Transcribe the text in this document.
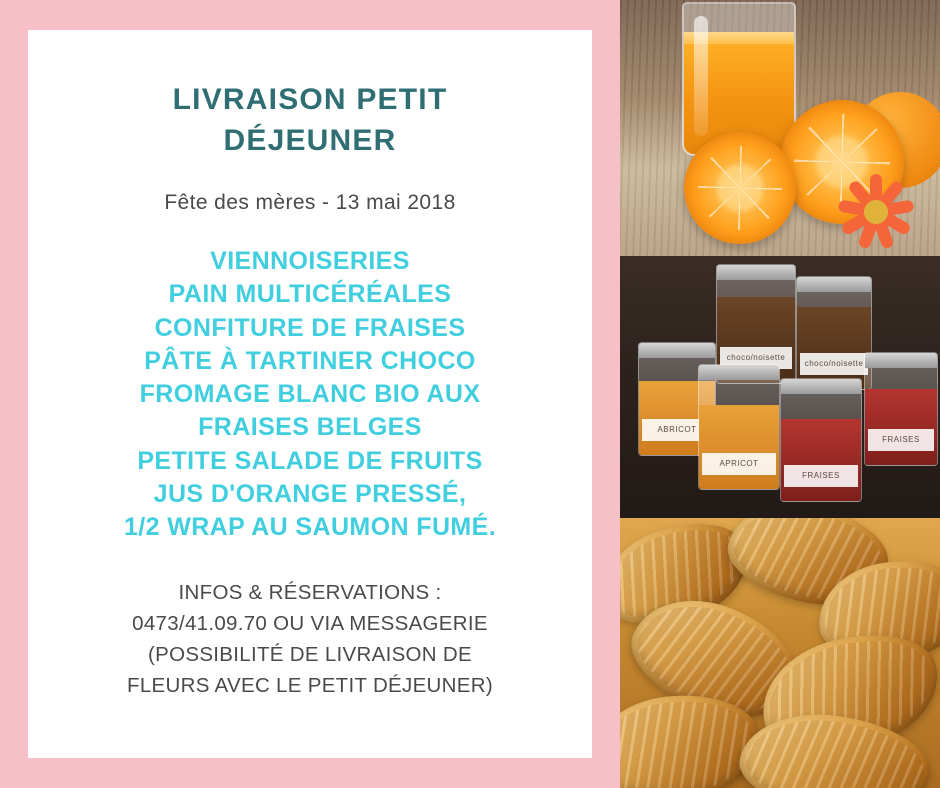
LIVRAISON PETIT DÉJEUNER
Fête des mères - 13 mai 2018
VIENNOISERIES
PAIN MULTICÉRÉALES
CONFITURE DE FRAISES
PÂTE À TARTINER CHOCO
FROMAGE BLANC BIO AUX
FRAISES BELGES
PETITE SALADE DE FRUITS
JUS D'ORANGE PRESSÉ,
1/2 WRAP AU SAUMON FUMÉ.
INFOS & RÉSERVATIONS :
0473/41.09.70 OU VIA MESSAGERIE
(POSSIBILITÉ DE LIVRAISON DE
FLEURS AVEC LE PETIT DÉJEUNER)
choco/noisette
choco/noisette
ABRICOT
APRICOT
FRAISES
FRAISES
